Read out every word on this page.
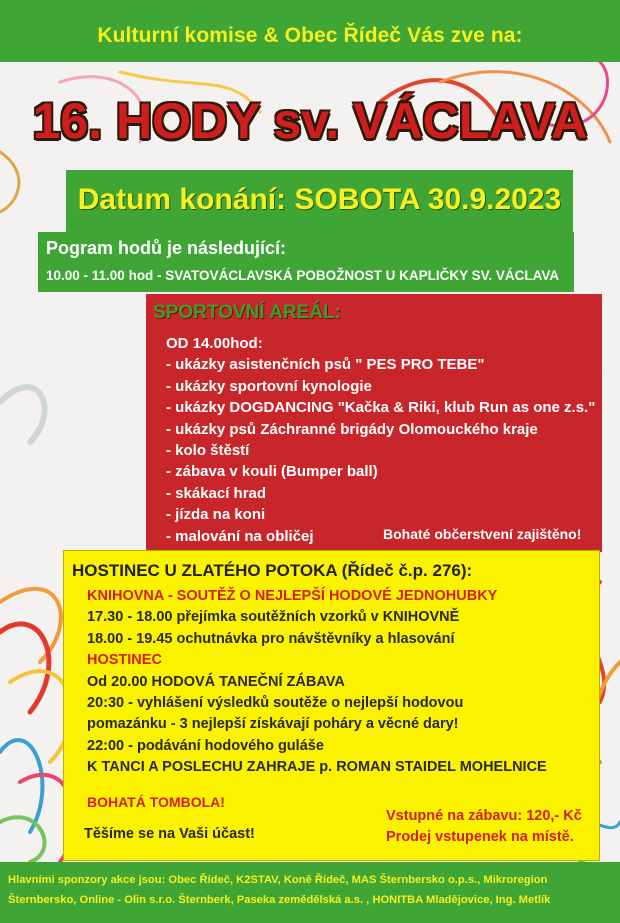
Kulturní komise & Obec Řídeč Vás zve na:
16. HODY sv. VÁCLAVA
Datum konání: SOBOTA 30.9.2023
Pogram hodů je následující:
10.00 - 11.00 hod - SVATOVÁCLAVSKÁ POBOŽNOST U KAPLIČKY SV. VÁCLAVA
SPORTOVNÍ AREÁL:
OD 14.00hod:
- ukázky asistenčních psů " PES PRO TEBE"
- ukázky sportovní kynologie
- ukázky DOGDANCING "Kačka & Riki, klub Run as one z.s."
- ukázky psů Záchranné brigády Olomouckého kraje
- kolo štěstí
- zábava v kouli (Bumper ball)
- skákací hrad
- jízda na koni
- malování na obličej	Bohaté občerstvení zajištěno!
HOSTINEC U ZLATÉHO POTOKA (Řídeč č.p. 276):
KNIHOVNA - SOUTĚŽ O NEJLEPŠÍ HODOVÉ JEDNOHUBKY
17.30 - 18.00 přejímka soutěžních vzorků v KNIHOVNĚ
18.00 - 19.45 ochutnávka pro návštěvníky a hlasování
HOSTINEC
Od 20.00 HODOVÁ TANEČNÍ ZÁBAVA
20:30 - vyhlášení výsledků soutěže o nejlepší hodovou
pomazánku - 3 nejlepší získávají poháry a věcné dary!
22:00 - podávání hodového guláše
K TANCI A POSLECHU ZAHRAJE p. ROMAN STAIDEL MOHELNICE
BOHATÁ TOMBOLA!
Těšíme se na Vaši účast!
Vstupné na zábavu: 120,- Kč
Prodej vstupenek na místě.
Hlavními sponzory akce jsou: Obec Řídeč, K2STAV, Koně Řídeč, MAS Šternbersko o.p.s., Mikroregion Šternbersko, Online - Olin s.r.o. Šternberk, Paseka zemědělská a.s. , HONITBA Mladějovice, Ing. Metlík
